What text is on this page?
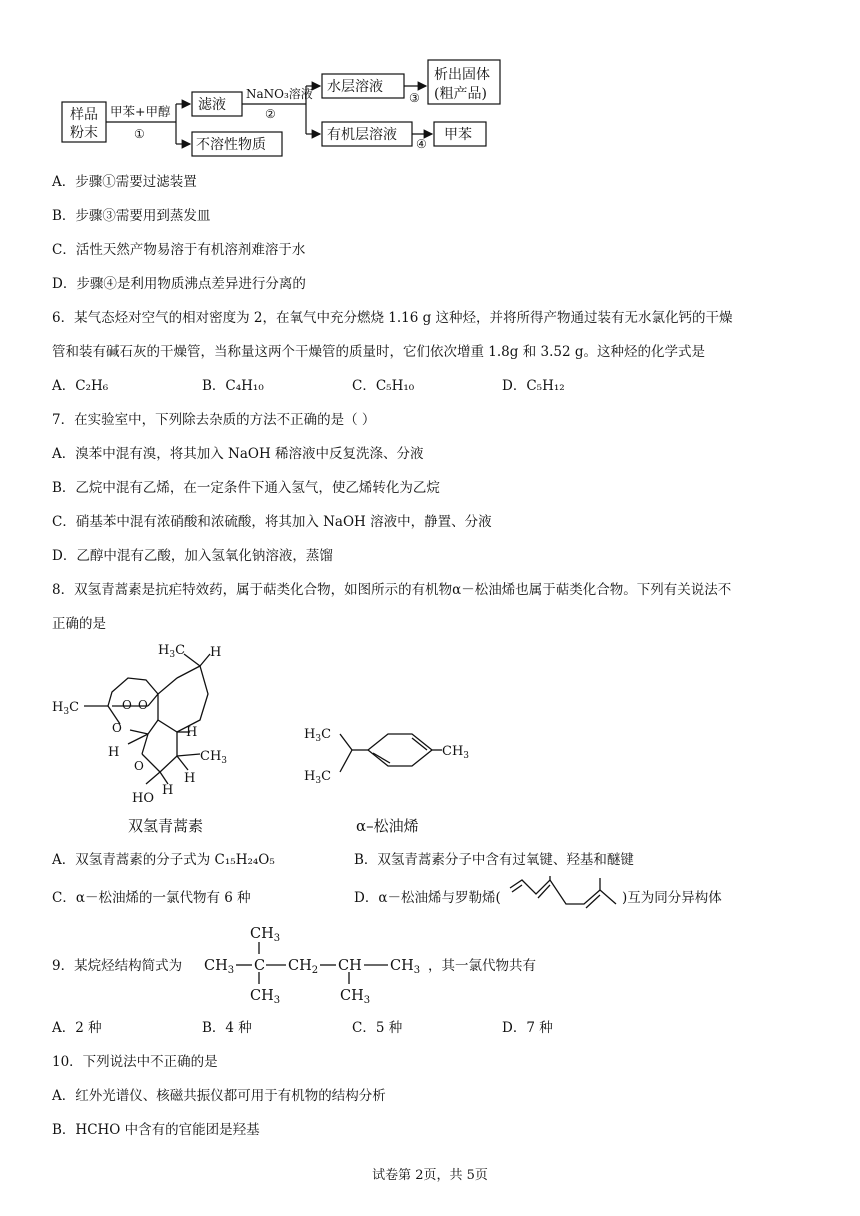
样品
粉末
甲苯+甲醇
①
滤液
NaNO₃溶液
②
不溶性物质
水层溶液
③
析出固体
(粗产品)
有机层溶液
④
甲苯
A．步骤①需要过滤装置
B．步骤③需要用到蒸发皿
C．活性天然产物易溶于有机溶剂难溶于水
D．步骤④是利用物质沸点差异进行分离的
6．某气态烃对空气的相对密度为 2，在氧气中充分燃烧 1.16 g 这种烃，并将所得产物通过装有无水氯化钙的干燥
管和装有碱石灰的干燥管，当称量这两个干燥管的质量时，它们依次增重 1.8g 和 3.52 g。这种烃的化学式是
A．C₂H₆	B．C₄H₁₀	C．C₅H₁₀	D．C₅H₁₂
7．在实验室中，下列除去杂质的方法不正确的是（ ）
A．溴苯中混有溴，将其加入 NaOH 稀溶液中反复洗涤、分液
B．乙烷中混有乙烯，在一定条件下通入氢气，使乙烯转化为乙烷
C．硝基苯中混有浓硝酸和浓硫酸，将其加入 NaOH 溶液中，静置、分液
D．乙醇中混有乙酸，加入氢氧化钠溶液，蒸馏
8．双氢青蒿素是抗疟特效药，属于萜类化合物，如图所示的有机物α－松油烯也属于萜类化合物。下列有关说法不
正确的是
$H_3C$ H
$H_3C$	O O
O
H
O
H
$CH_3$
H
HO
H
双氢青蒿素
$H_3C$
$H_3C$
$CH_3$
α–松油烯
A．双氢青蒿素的分子式为 C₁₅H₂₄O₅	B．双氢青蒿素分子中含有过氧键、羟基和醚键
C．α－松油烯的一氯代物有 6 种	D．α－松油烯与罗勒烯(	)互为同分异构体
9．某烷烃结构简式为 $CH_3$ C $CH_2$ CH $CH_3$
$CH_3$
$CH_3$	$CH_3$
，其一氯代物共有
A．2 种	B．4 种	C．5 种	D．7 种
10．下列说法中不正确的是
A．红外光谱仪、核磁共振仪都可用于有机物的结构分析
B．HCHO 中含有的官能团是羟基
试卷第 2页，共 5页
